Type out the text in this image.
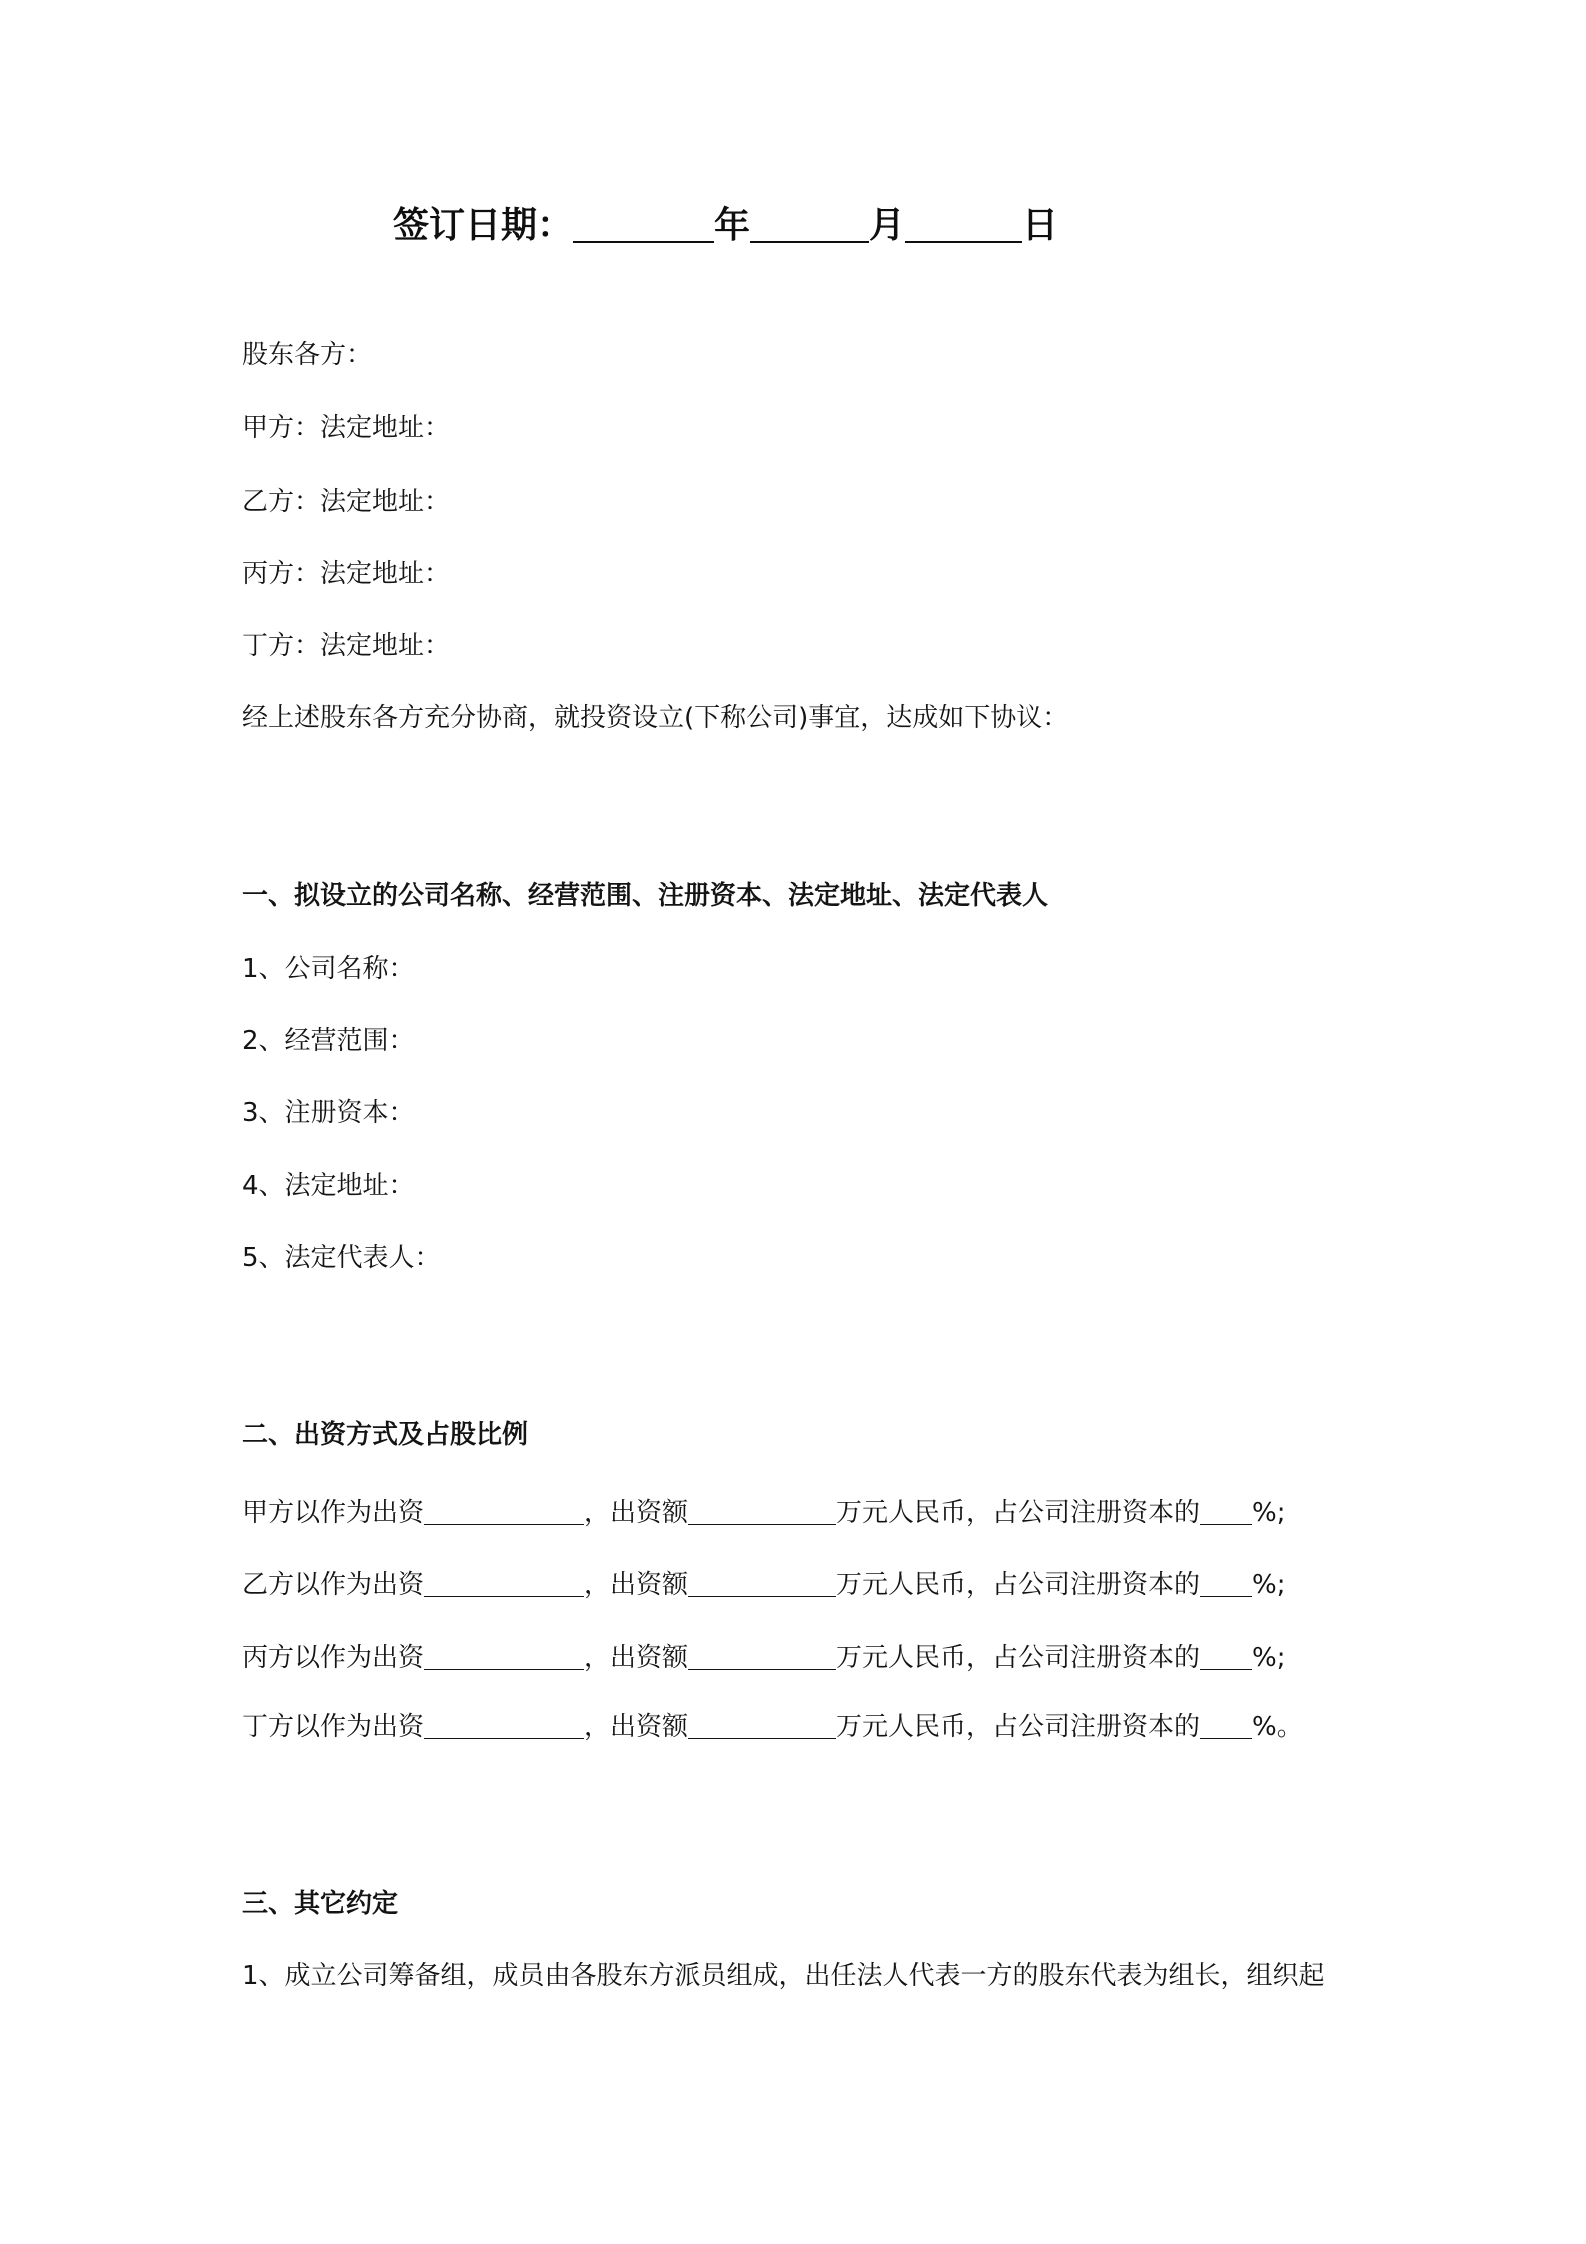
签订日期：	年	月	日
股东各方：
甲方：法定地址：
乙方：法定地址：
丙方：法定地址：
丁方：法定地址：
经上述股东各方充分协商，就投资设立(下称公司)事宜，达成如下协议：
一、拟设立的公司名称、经营范围、注册资本、法定地址、法定代表人
1、公司名称：
2、经营范围：
3、注册资本：
4、法定地址：
5、法定代表人：
二、出资方式及占股比例
甲方以作为出资	，出资额	万元人民币，占公司注册资本的 %;
乙方以作为出资	，出资额	万元人民币，占公司注册资本的 %;
丙方以作为出资	，出资额	万元人民币，占公司注册资本的 %;
丁方以作为出资	，出资额	万元人民币，占公司注册资本的 %。
三、其它约定
1、成立公司筹备组，成员由各股东方派员组成，出任法人代表一方的股东代表为组长，组织起
